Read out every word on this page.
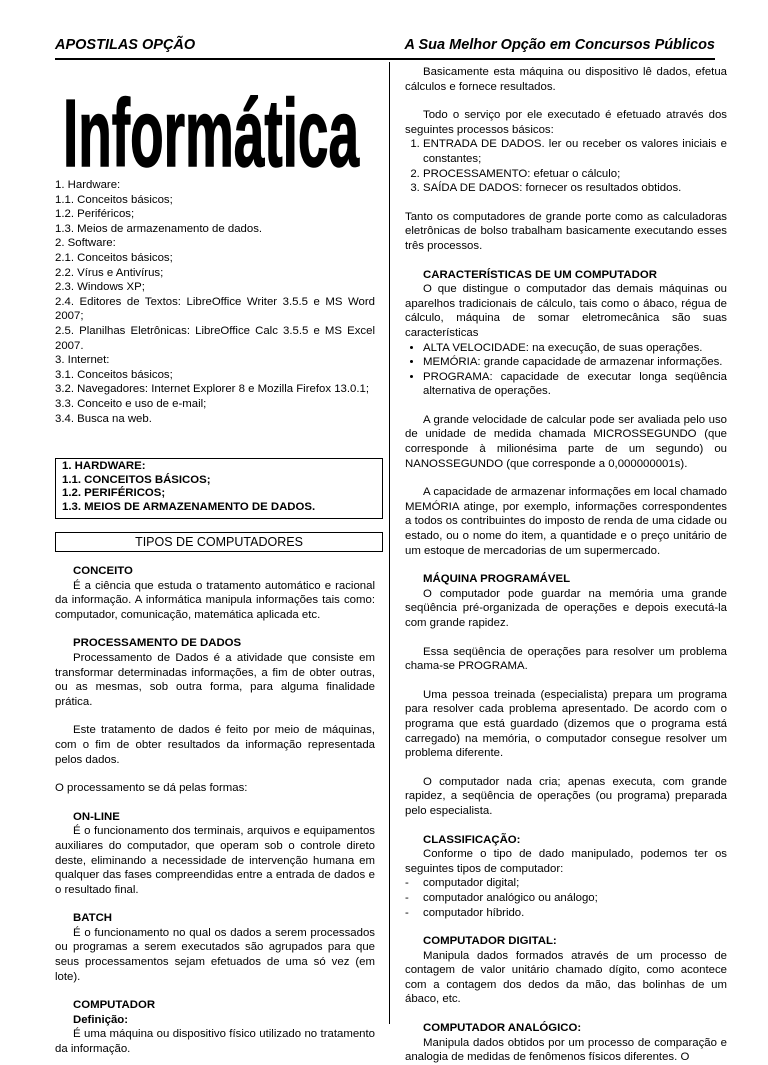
APOSTILAS OPÇÃO	A Sua Melhor Opção em Concursos Públicos
Informática
1. Hardware:
1.1. Conceitos básicos;
1.2. Periféricos;
1.3. Meios de armazenamento de dados.
2. Software:
2.1. Conceitos básicos;
2.2. Vírus e Antivírus;
2.3. Windows XP;
2.4. Editores de Textos: LibreOffice Writer 3.5.5 e MS Word 2007;
2.5. Planilhas Eletrônicas: LibreOffice Calc 3.5.5 e MS Excel 2007.
3. Internet:
3.1. Conceitos básicos;
3.2. Navegadores: Internet Explorer 8 e Mozilla Firefox 13.0.1;
3.3. Conceito e uso de e-mail;
3.4. Busca na web.
1. HARDWARE:
1.1. CONCEITOS BÁSICOS;
1.2. PERIFÉRICOS;
1.3. MEIOS DE ARMAZENAMENTO DE DADOS.
TIPOS DE COMPUTADORES
CONCEITO

É a ciência que estuda o tratamento automático e racional da informação. A informática manipula informações tais como: computador, comunicação, matemática aplicada etc.

PROCESSAMENTO DE DADOS

Processamento de Dados é a atividade que consiste em transformar determinadas informações, a fim de obter outras, ou as mesmas, sob outra forma, para alguma finalidade prática.

Este tratamento de dados é feito por meio de máquinas, com o fim de obter resultados da informação representada pelos dados.

O processamento se dá pelas formas:

ON-LINE

É o funcionamento dos terminais, arquivos e equipamentos auxiliares do computador, que operam sob o controle direto deste, eliminando a necessidade de intervenção humana em qualquer das fases compreendidas entre a entrada de dados e o resultado final.

BATCH

É o funcionamento no qual os dados a serem processados ou programas a serem executados são agrupados para que seus processamentos sejam efetuados de uma só vez (em lote).

COMPUTADOR
Definição:

É uma máquina ou dispositivo físico utilizado no tratamento da informação.

Basicamente esta máquina ou dispositivo lê dados, efetua cálculos e fornece resultados.

Todo o serviço por ele executado é efetuado através dos seguintes processos básicos:

1. ENTRADA DE DADOS. ler ou receber os valores iniciais e constantes;
2. PROCESSAMENTO: efetuar o cálculo;
3. SAÍDA DE DADOS: fornecer os resultados obtidos.

Tanto os computadores de grande porte como as calculadoras eletrônicas de bolso trabalham basicamente executando esses três processos.

CARACTERÍSTICAS DE UM COMPUTADOR

O que distingue o computador das demais máquinas ou aparelhos tradicionais de cálculo, tais como o ábaco, régua de cálculo, máquina de somar eletromecânica são suas características

• ALTA VELOCIDADE: na execução, de suas operações.
• MEMÓRIA: grande capacidade de armazenar informações.
• PROGRAMA: capacidade de executar longa seqüência alternativa de operações.

A grande velocidade de calcular pode ser avaliada pelo uso de unidade de medida chamada MICROSSEGUNDO (que corresponde à milionésima parte de um segundo) ou NANOSSEGUNDO (que corresponde a 0,000000001s).

A capacidade de armazenar informações em local chamado MEMÓRIA atinge, por exemplo, informações correspondentes a todos os contribuintes do imposto de renda de uma cidade ou estado, ou o nome do item, a quantidade e o preço unitário de um estoque de mercadorias de um supermercado.

MÁQUINA PROGRAMÁVEL

O computador pode guardar na memória uma grande seqüência pré-organizada de operações e depois executá-la com grande rapidez.

Essa seqüência de operações para resolver um problema chama-se PROGRAMA.

Uma pessoa treinada (especialista) prepara um programa para resolver cada problema apresentado. De acordo com o programa que está guardado (dizemos que o programa está carregado) na memória, o computador consegue resolver um problema diferente.

O computador nada cria; apenas executa, com grande rapidez, a seqüência de operações (ou programa) preparada pelo especialista.

CLASSIFICAÇÃO:

Conforme o tipo de dado manipulado, podemos ter os seguintes tipos de computador:

- computador digital;
- computador analógico ou análogo;
- computador híbrido.
COMPUTADOR DIGITAL:

Manipula dados formados através de um processo de contagem de valor unitário chamado dígito, como acontece com a contagem dos dedos da mão, das bolinhas de um ábaco, etc.

COMPUTADOR ANALÓGICO:

Manipula dados obtidos por um processo de comparação e analogia de medidas de fenômenos físicos diferentes. O
